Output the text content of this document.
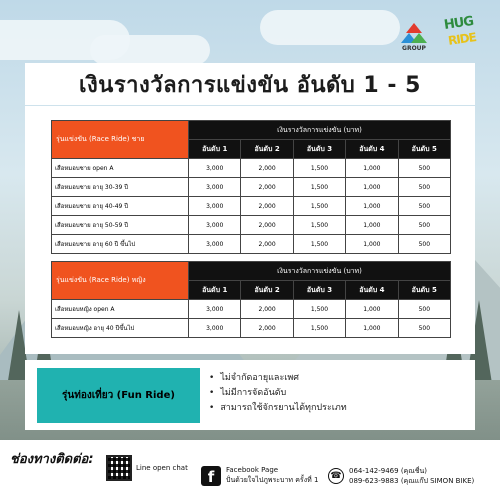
GROUP
HUG
RIDE
เงินรางวัลการแข่งขัน อันดับ 1 - 5
รุ่นแข่งขัน (Race Ride) ชาย	เงินรางวัลการแข่งขัน (บาท)				
	อันดับ 1	อันดับ 2	อันดับ 3	อันดับ 4	อันดับ 5
เสือหมอบชาย open A	3,000	2,000	1,500	1,000	500
เสือหมอบชาย อายุ 30-39 ปี	3,000	2,000	1,500	1,000	500
เสือหมอบชาย อายุ 40-49 ปี	3,000	2,000	1,500	1,000	500
เสือหมอบชาย อายุ 50-59 ปี	3,000	2,000	1,500	1,000	500
เสือหมอบชาย อายุ 60 ปี ขึ้นไป	3,000	2,000	1,500	1,000	500
รุ่นแข่งขัน (Race Ride) หญิง	เงินรางวัลการแข่งขัน (บาท)				
	อันดับ 1	อันดับ 2	อันดับ 3	อันดับ 4	อันดับ 5
เสือหมอบหญิง open A	3,000	2,000	1,500	1,000	500
เสือหมอบหญิง อายุ 40 ปีขึ้นไป	3,000	2,000	1,500	1,000	500
รุ่นท่องเที่ยว (Fun Ride)
• ไม่จำกัดอายุและเพศ
• ไม่มีการจัดอันดับ
• สามารถใช้จักรยานได้ทุกประเภท
ช่องทางติดต่อ:
Line open chat	f	Facebook Page
ปั่นด้วยใจไปภูพระบาท ครั้งที่ 1 ☎	064-142-9469 (คุณชื่น)
089-623-9883 (คุณแก๊ป SIMON BIKE)
